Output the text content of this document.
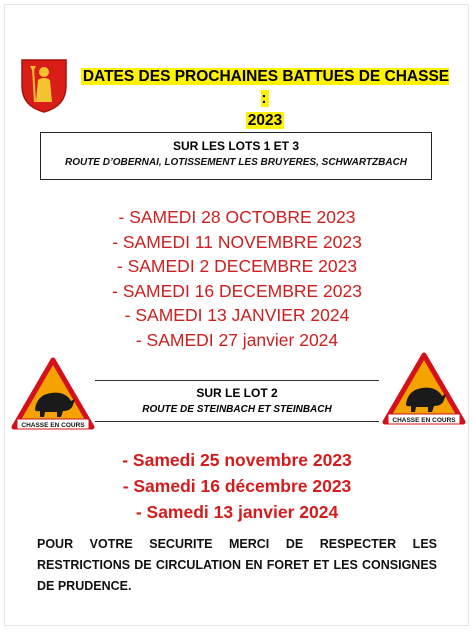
DATES DES PROCHAINES BATTUES DE CHASSE :
2023
SUR LES LOTS 1 ET 3
ROUTE D’OBERNAI, LOTISSEMENT LES BRUYERES, SCHWARTZBACH
- SAMEDI 28 OCTOBRE 2023
- SAMEDI 11 NOVEMBRE 2023
- SAMEDI 2 DECEMBRE 2023
- SAMEDI 16 DECEMBRE 2023
- SAMEDI 13 JANVIER 2024
- SAMEDI 27 janvier 2024
CHASSE EN COURS
CHASSE EN COURS
SUR LE LOT 2
ROUTE DE STEINBACH ET STEINBACH
- Samedi 25 novembre 2023
- Samedi 16 décembre 2023
- Samedi 13 janvier 2024
POUR VOTRE SECURITE MERCI DE RESPECTER LES RESTRICTIONS DE CIRCULATION EN FORET ET LES CONSIGNES DE PRUDENCE.
